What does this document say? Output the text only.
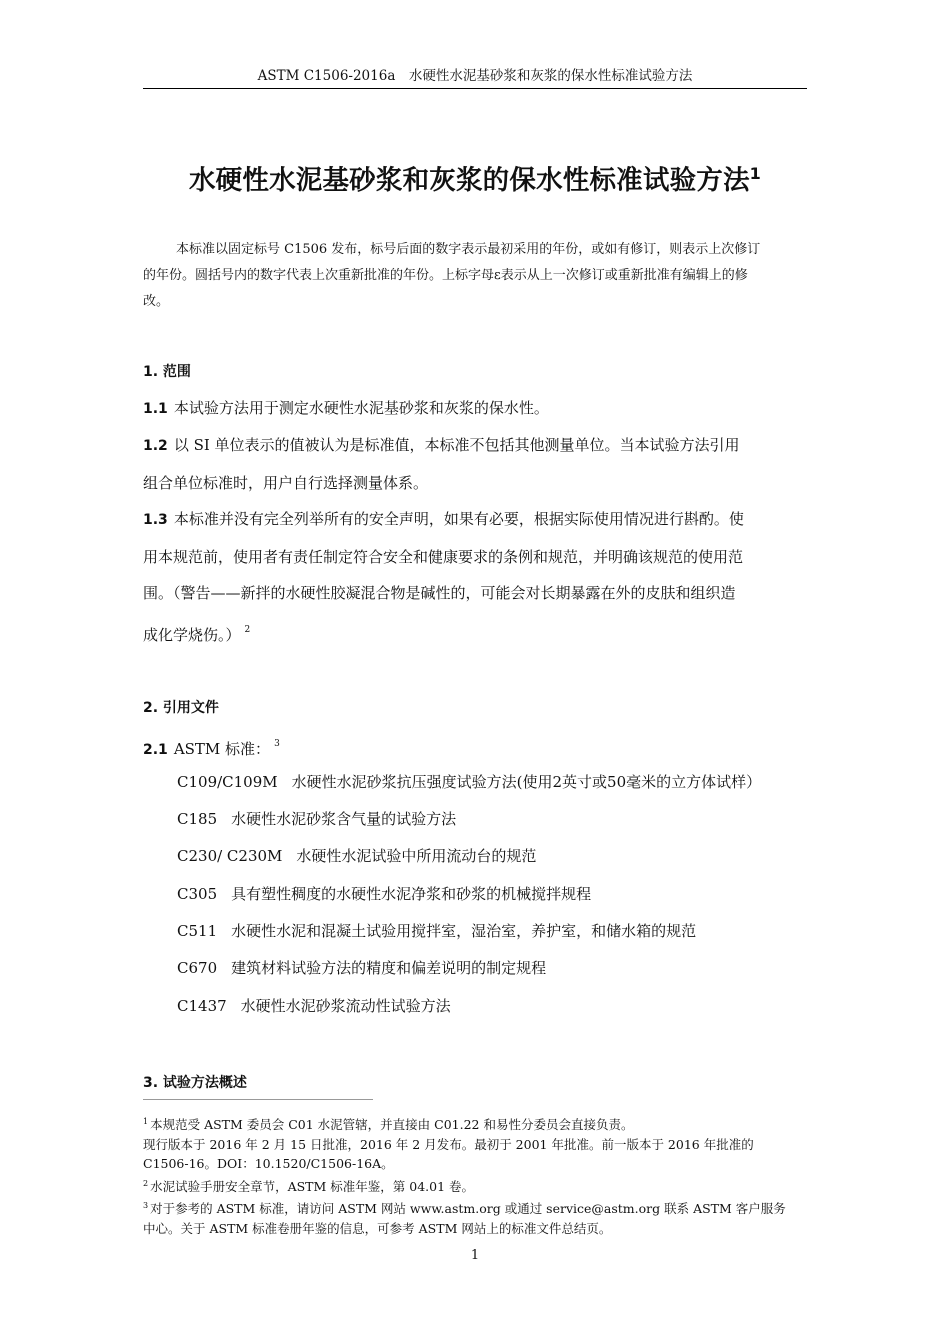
ASTM C1506-2016a　水硬性水泥基砂浆和灰浆的保水性标准试验方法
水硬性水泥基砂浆和灰浆的保水性标准试验方法$^1$
本标准以固定标号 C1506 发布，标号后面的数字表示最初采用的年份，或如有修订，则表示上次修订
的年份。圆括号内的数字代表上次重新批准的年份。上标字母ε表示从上一次修订或重新批准有编辑上的修
改。
1. 范围
1.1 本试验方法用于测定水硬性水泥基砂浆和灰浆的保水性。
1.2 以 SI 单位表示的值被认为是标准值，本标准不包括其他测量单位。当本试验方法引用
组合单位标准时，用户自行选择测量体系。
1.3 本标准并没有完全列举所有的安全声明，如果有必要，根据实际使用情况进行斟酌。使
用本规范前，使用者有责任制定符合安全和健康要求的条例和规范，并明确该规范的使用范
围。（警告——新拌的水硬性胶凝混合物是碱性的，可能会对长期暴露在外的皮肤和组织造
成化学烧伤。） $^2$
2. 引用文件
2.1 ASTM 标准： $^3$
C109/C109M 水硬性水泥砂浆抗压强度试验方法(使用2英寸或50毫米的立方体试样）
C185 水硬性水泥砂浆含气量的试验方法
C230/ C230M 水硬性水泥试验中所用流动台的规范
C305 具有塑性稠度的水硬性水泥净浆和砂浆的机械搅拌规程
C511 水硬性水泥和混凝土试验用搅拌室，湿治室，养护室，和储水箱的规范
C670 建筑材料试验方法的精度和偏差说明的制定规程
C1437 水硬性水泥砂浆流动性试验方法
3. 试验方法概述
$^1$ 本规范受 ASTM 委员会 C01 水泥管辖，并直接由 C01.22 和易性分委员会直接负责。
现行版本于 2016 年 2 月 15 日批准，2016 年 2 月发布。最初于 2001 年批准。前一版本于 2016 年批准的
C1506-16。DOI：10.1520/C1506-16A。
$^2$ 水泥试验手册安全章节，ASTM 标准年鉴，第 04.01 卷。
$^3$ 对于参考的 ASTM 标准，请访问 ASTM 网站 www.astm.org 或通过 service@astm.org 联系 ASTM 客户服务
中心。关于 ASTM 标准卷册年鉴的信息，可参考 ASTM 网站上的标准文件总结页。
1
